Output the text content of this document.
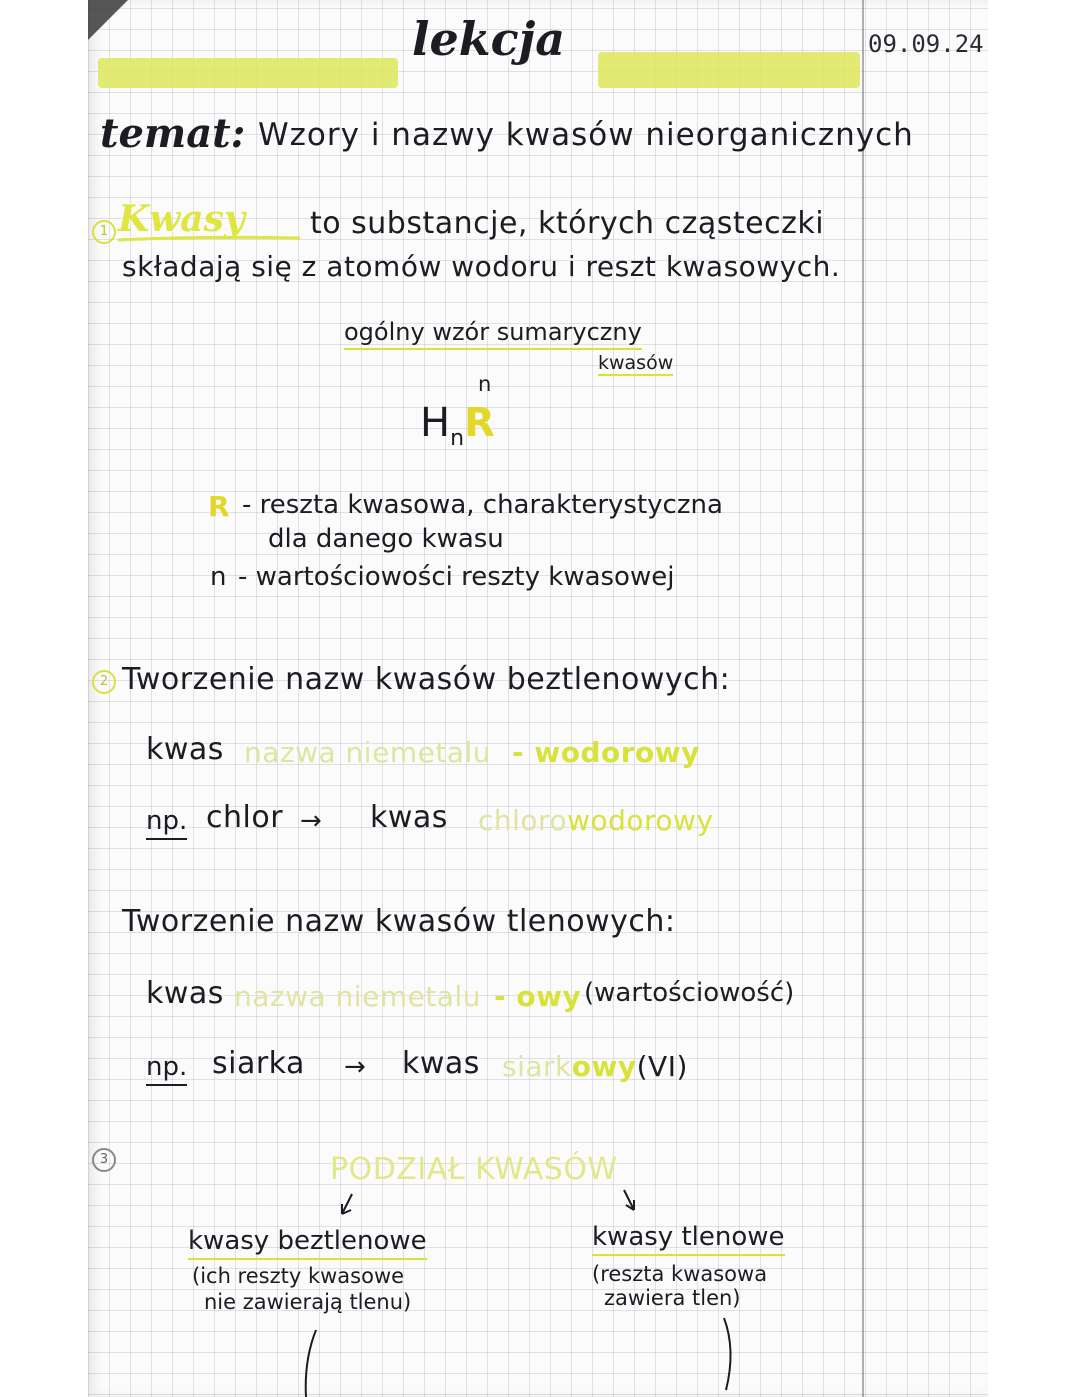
lekcja	09.09.24
temat: Wzory i nazwy kwasów nieorganicznych
1 Kwasy to substancje, których cząsteczki
składają się z atomów wodoru i reszt kwasowych.
ogólny wzór sumaryczny
kwasów
n
$H_nR$
R - reszta kwasowa, charakterystyczna
dla danego kwasu
n - wartościowości reszty kwasowej
2 Tworzenie nazw kwasów beztlenowych:
kwas nazwa niemetalu - wodorowy
np. chlor → kwas chlorowodorowy
Tworzenie nazw kwasów tlenowych:
kwas nazwa niemetalu - owy (wartościowość)
np. siarka → kwas siarkowy(VI)
3	PODZIAŁ KWASÓW
kwasy beztlenowe
(ich reszty kwasowe
nie zawierają tlenu)
kwasy tlenowe
(reszta kwasowa
zawiera tlen)
